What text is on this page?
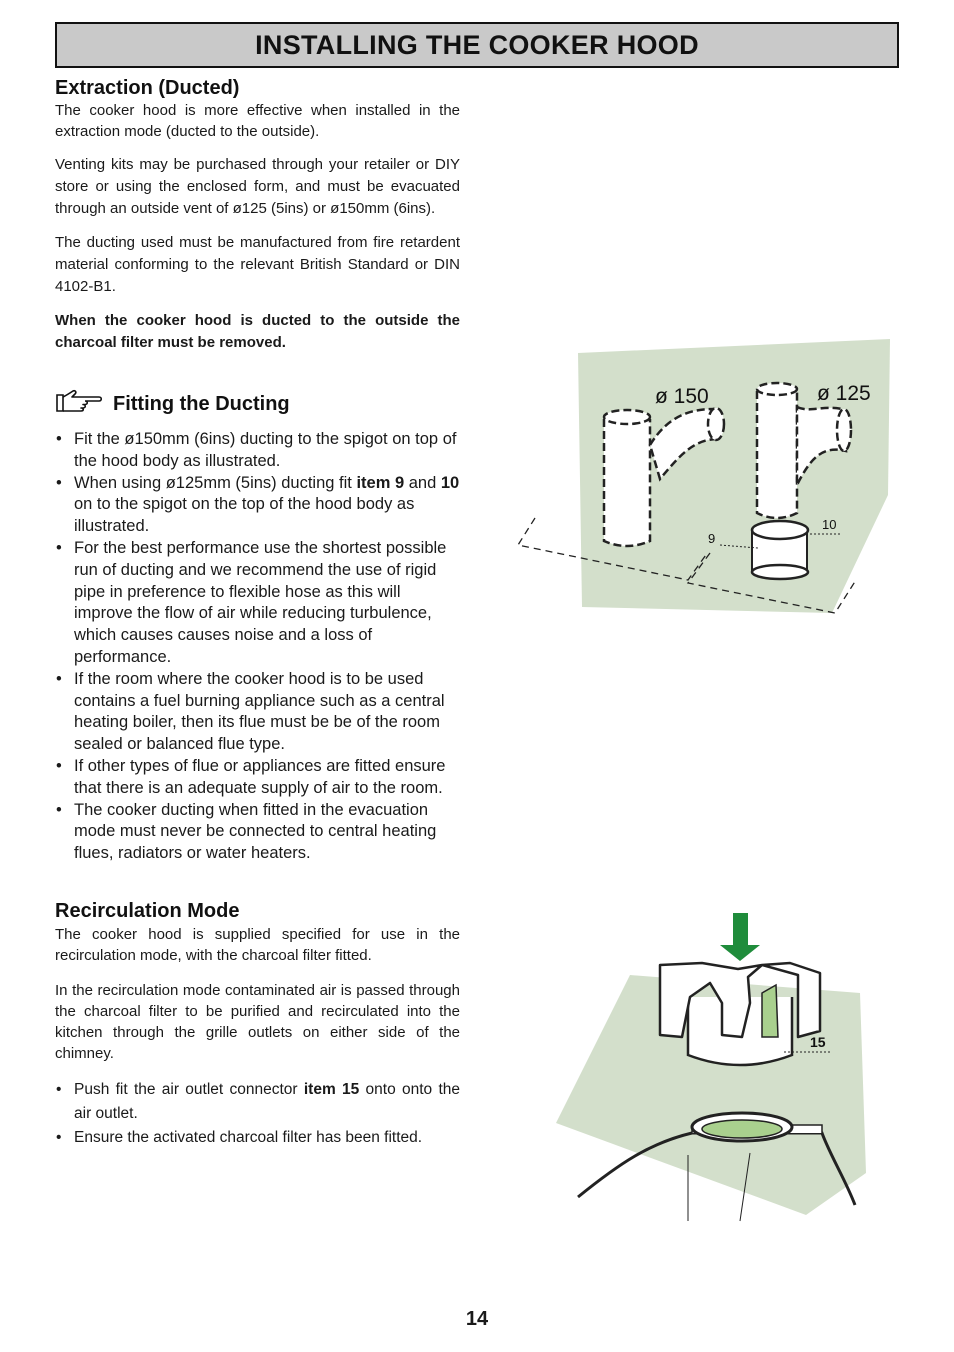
INSTALLING THE COOKER HOOD
Extraction (Ducted)

The cooker hood is more effective when installed in the extraction mode (ducted to the outside).

Venting kits may be purchased through your retailer or DIY store or using the enclosed form, and must be evacuated through an outside vent of ø125 (5ins) or ø150mm (6ins).

The ducting used must be manufactured from fire retardent material conforming to the relevant British Standard or DIN 4102-B1.

When the cooker hood is ducted to the outside the charcoal filter must be removed.

Fitting the Ducting
• Fit the ø150mm (6ins) ducting to the spigot on top of the hood body as illustrated.
• When using ø125mm (5ins) ducting fit item 9 and 10 on to the spigot on the top of the hood body as illustrated.
• For the best performance use the shortest possible run of ducting and we recommend the use of rigid pipe in preference to flexible hose as this will improve the flow of air while reducing turbulence, which causes causes noise and a loss of performance.
• If the room where the cooker hood is to be used contains a fuel burning appliance such as a central heating boiler, then its flue must be be of the room sealed or balanced flue type.
• If other types of flue or appliances are fitted ensure that there is an adequate supply of air to the room.
• The cooker ducting when fitted in the evacuation mode must never be connected to central heating flues, radiators or water heaters.
Recirculation Mode

The cooker hood is supplied specified for use in the recirculation mode, with the charcoal filter fitted.

In the recirculation mode contaminated air is passed through the charcoal filter to be purified and recirculated into the kitchen through the grille outlets on either side of the chimney.

• Push fit the air outlet connector item 15 onto onto the air outlet.
• Ensure the activated charcoal filter has been fitted.
ø 150	ø 125
9
10
15
14
